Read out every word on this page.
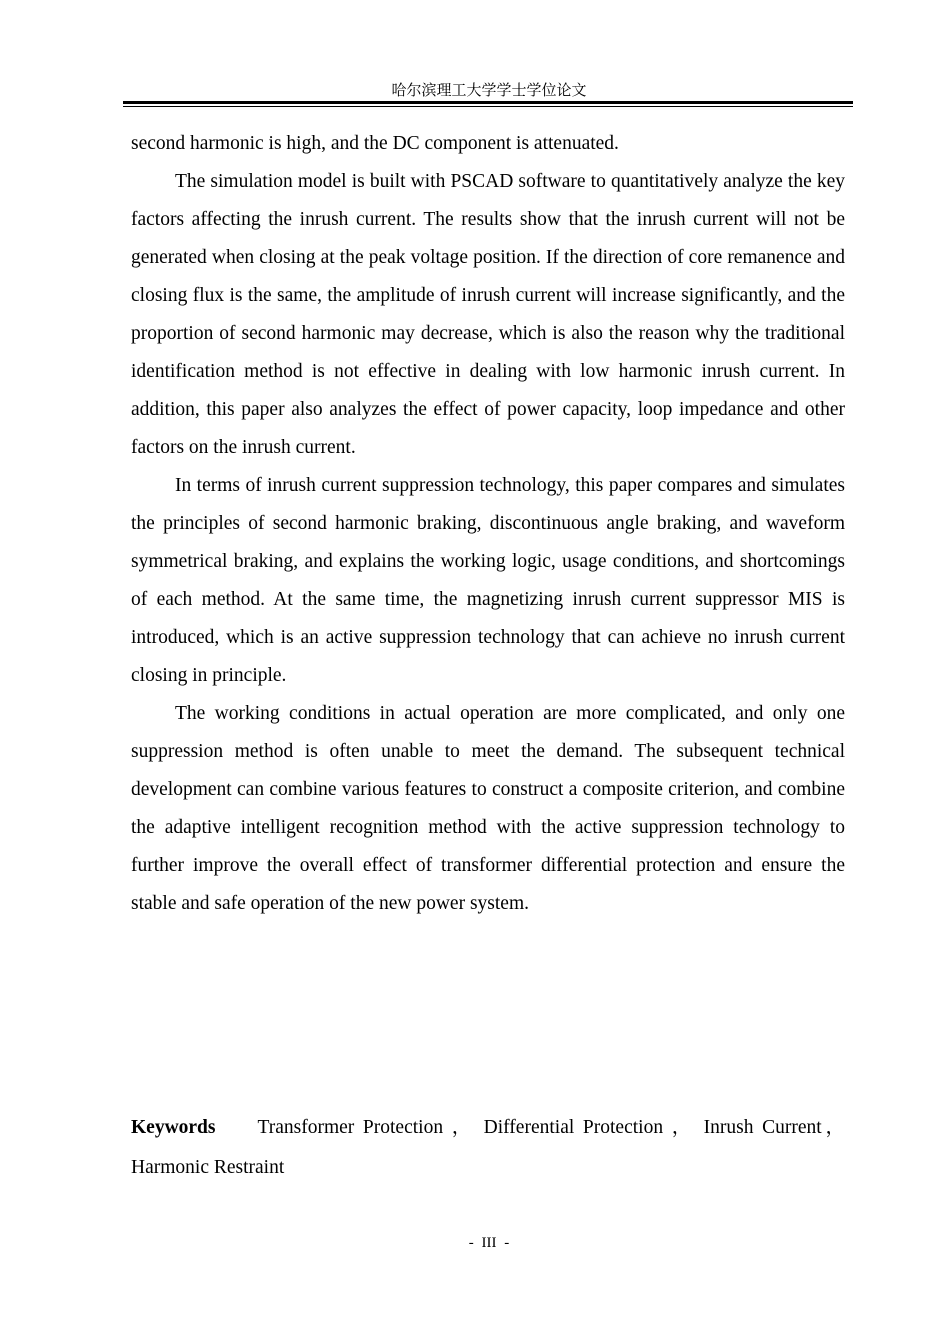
哈尔滨理工大学学士学位论文

second harmonic is high, and the DC component is attenuated.

The simulation model is built with PSCAD software to quantitatively analyze the key factors affecting the inrush current. The results show that the inrush current will not be generated when closing at the peak voltage position. If the direction of core remanence and closing flux is the same, the amplitude of inrush current will increase significantly, and the proportion of second harmonic may decrease, which is also the reason why the traditional identification method is not effective in dealing with low harmonic inrush current. In addition, this paper also analyzes the effect of power capacity, loop impedance and other factors on the inrush current.

In terms of inrush current suppression technology, this paper compares and simulates the principles of second harmonic braking, discontinuous angle braking, and waveform symmetrical braking, and explains the working logic, usage conditions, and shortcomings of each method. At the same time, the magnetizing inrush current suppressor MIS is introduced, which is an active suppression technology that can achieve no inrush current closing in principle.

The working conditions in actual operation are more complicated, and only one suppression method is often unable to meet the demand. The subsequent technical development can combine various features to construct a composite criterion, and combine the adaptive intelligent recognition method with the active suppression technology to further improve the overall effect of transformer differential protection and ensure the stable and safe operation of the new power system.

Keywords Transformer Protection ， Differential Protection ， Inrush Current，Harmonic Restraint
- III -
